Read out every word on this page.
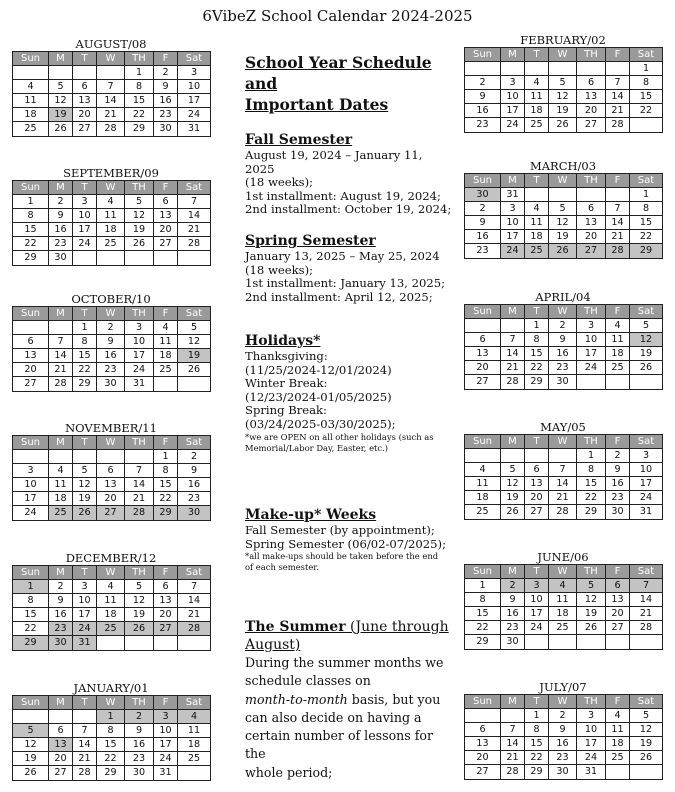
6VibeZ School Calendar 2024-2025
AUGUST/08
Sun	M	T	W	TH	F	Sat
				1	2	3
4	5	6	7	8	9	10
11	12	13	14	15	16	17
18	19	20	21	22	23	24
25	26	27	28	29	30	31
SEPTEMBER/09
Sun	M	T	W	TH	F	Sat
1	2	3	4	5	6	7
8	9	10	11	12	13	14
15	16	17	18	19	20	21
22	23	24	25	26	27	28
29	30					
OCTOBER/10
Sun	M	T	W	TH	F	Sat
		1	2	3	4	5
6	7	8	9	10	11	12
13	14	15	16	17	18	19
20	21	22	23	24	25	26
27	28	29	30	31		
NOVEMBER/11
Sun	M	T	W	TH	F	Sat
					1	2
3	4	5	6	7	8	9
10	11	12	13	14	15	16
17	18	19	20	21	22	23
24	25	26	27	28	29	30
DECEMBER/12
Sun	M	T	W	TH	F	Sat
1	2	3	4	5	6	7
8	9	10	11	12	13	14
15	16	17	18	19	20	21
22	23	24	25	26	27	28
29	30	31				
JANUARY/01
Sun	M	T	W	TH	F	Sat
			1	2	3	4
5	6	7	8	9	10	11
12	13	14	15	16	17	18
19	20	21	22	23	24	25
26	27	28	29	30	31	
FEBRUARY/02
Sun	M	T	W	TH	F	Sat
						1
2	3	4	5	6	7	8
9	10	11	12	13	14	15
16	17	18	19	20	21	22
23	24	25	26	27	28	
MARCH/03
Sun	M	T	W	TH	F	Sat
30	31					1
2	3	4	5	6	7	8
9	10	11	12	13	14	15
16	17	18	19	20	21	22
23	24	25	26	27	28	29
APRIL/04
Sun	M	T	W	TH	F	Sat
		1	2	3	4	5
6	7	8	9	10	11	12
13	14	15	16	17	18	19
20	21	22	23	24	25	26
27	28	29	30			
MAY/05
Sun	M	T	W	TH	F	Sat
				1	2	3
4	5	6	7	8	9	10
11	12	13	14	15	16	17
18	19	20	21	22	23	24
25	26	27	28	29	30	31
JUNE/06
Sun	M	T	W	TH	F	Sat
1	2	3	4	5	6	7
8	9	10	11	12	13	14
15	16	17	18	19	20	21
22	23	24	25	26	27	28
29	30					
JULY/07
Sun	M	T	W	TH	F	Sat
		1	2	3	4	5
6	7	8	9	10	11	12
13	14	15	16	17	18	19
20	21	22	23	24	25	26
27	28	29	30	31		
School Year Schedule and
Important Dates
Fall Semester
August 19, 2024 – January 11, 2025
(18 weeks);
1st installment: August 19, 2024;
2nd installment: October 19, 2024;
Spring Semester
January 13, 2025 – May 25, 2024
(18 weeks);
1st installment: January 13, 2025;
2nd installment: April 12, 2025;
Holidays*
Thanksgiving:
(11/25/2024-12/01/2024)
Winter Break:
(12/23/2024-01/05/2025)
Spring Break:
(03/24/2025-03/30/2025);
*we are OPEN on all other holidays (such as
Memorial/Labor Day, Easter, etc.)
Make-up* Weeks
Fall Semester (by appointment);
Spring Semester (06/02-07/2025);
*all make-ups should be taken before the end
of each semester.
The Summer (June through
August)
During the summer months we
schedule classes on
month-to-month basis, but you
can also decide on having a
certain number of lessons for the
whole period;
